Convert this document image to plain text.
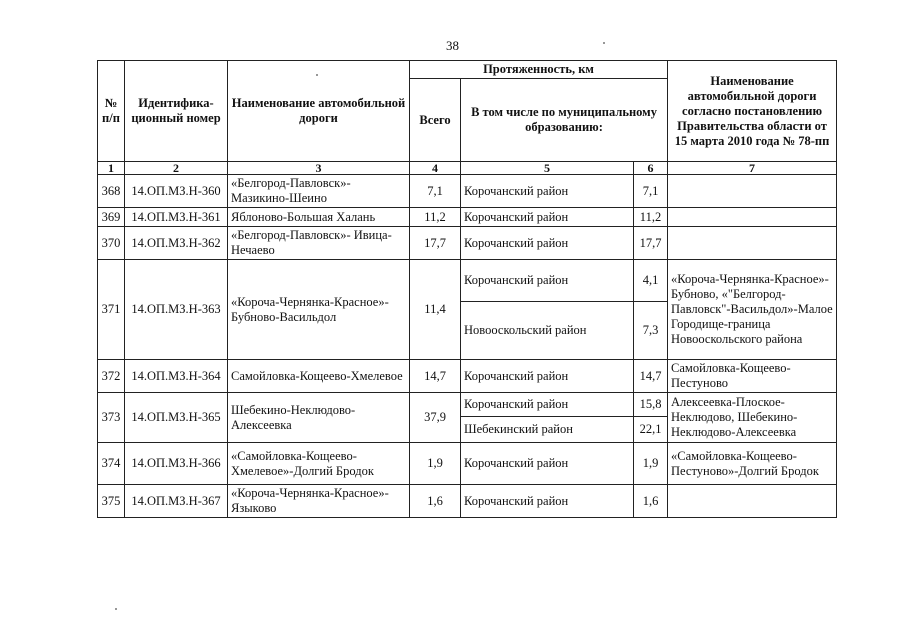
38
№ п/п	Идентифика-ционный номер	Наименование автомобильной дороги	Протяженность, км			Наименование автомобильной дороги согласно постановлению Правительства области от 15 марта 2010 года № 78-пп
			Всего	В том числе по муниципальному образованию:		
1	2	3	4	5	6	7
368	14.ОП.МЗ.Н-360	«Белгород-Павловск»-Мазикино-Шеино	7,1	Корочанский район	7,1	
369	14.ОП.МЗ.Н-361	Яблоново-Большая Халань	11,2	Корочанский район	11,2	
370	14.ОП.МЗ.Н-362	«Белгород-Павловск»- Ивица-Нечаево	17,7	Корочанский район	17,7	
371	14.ОП.МЗ.Н-363	«Короча-Чернянка-Красное»-Бубново-Васильдол	11,4	Корочанский район	4,1	«Короча-Чернянка-Красное»-Бубново, «"Белгород-Павловск"-Васильдол»-Малое Городище-граница Новооскольского района
				Новооскольский район	7,3	
372	14.ОП.МЗ.Н-364	Самойловка-Кощеево-Хмелевое	14,7	Корочанский район	14,7	Самойловка-Кощеево-Пестуново
373	14.ОП.МЗ.Н-365	Шебекино-Неклюдово-Алексеевка	37,9	Корочанский район	15,8	Алексеевка-Плоское-Неклюдово, Шебекино-Неклюдово-Алексеевка
				Шебекинский район	22,1	
374	14.ОП.МЗ.Н-366	«Самойловка-Кощеево-Хмелевое»-Долгий Бродок	1,9	Корочанский район	1,9	«Самойловка-Кощеево-Пестуново»-Долгий Бродок
375	14.ОП.МЗ.Н-367	«Короча-Чернянка-Красное»-Языково	1,6	Корочанский район	1,6	
